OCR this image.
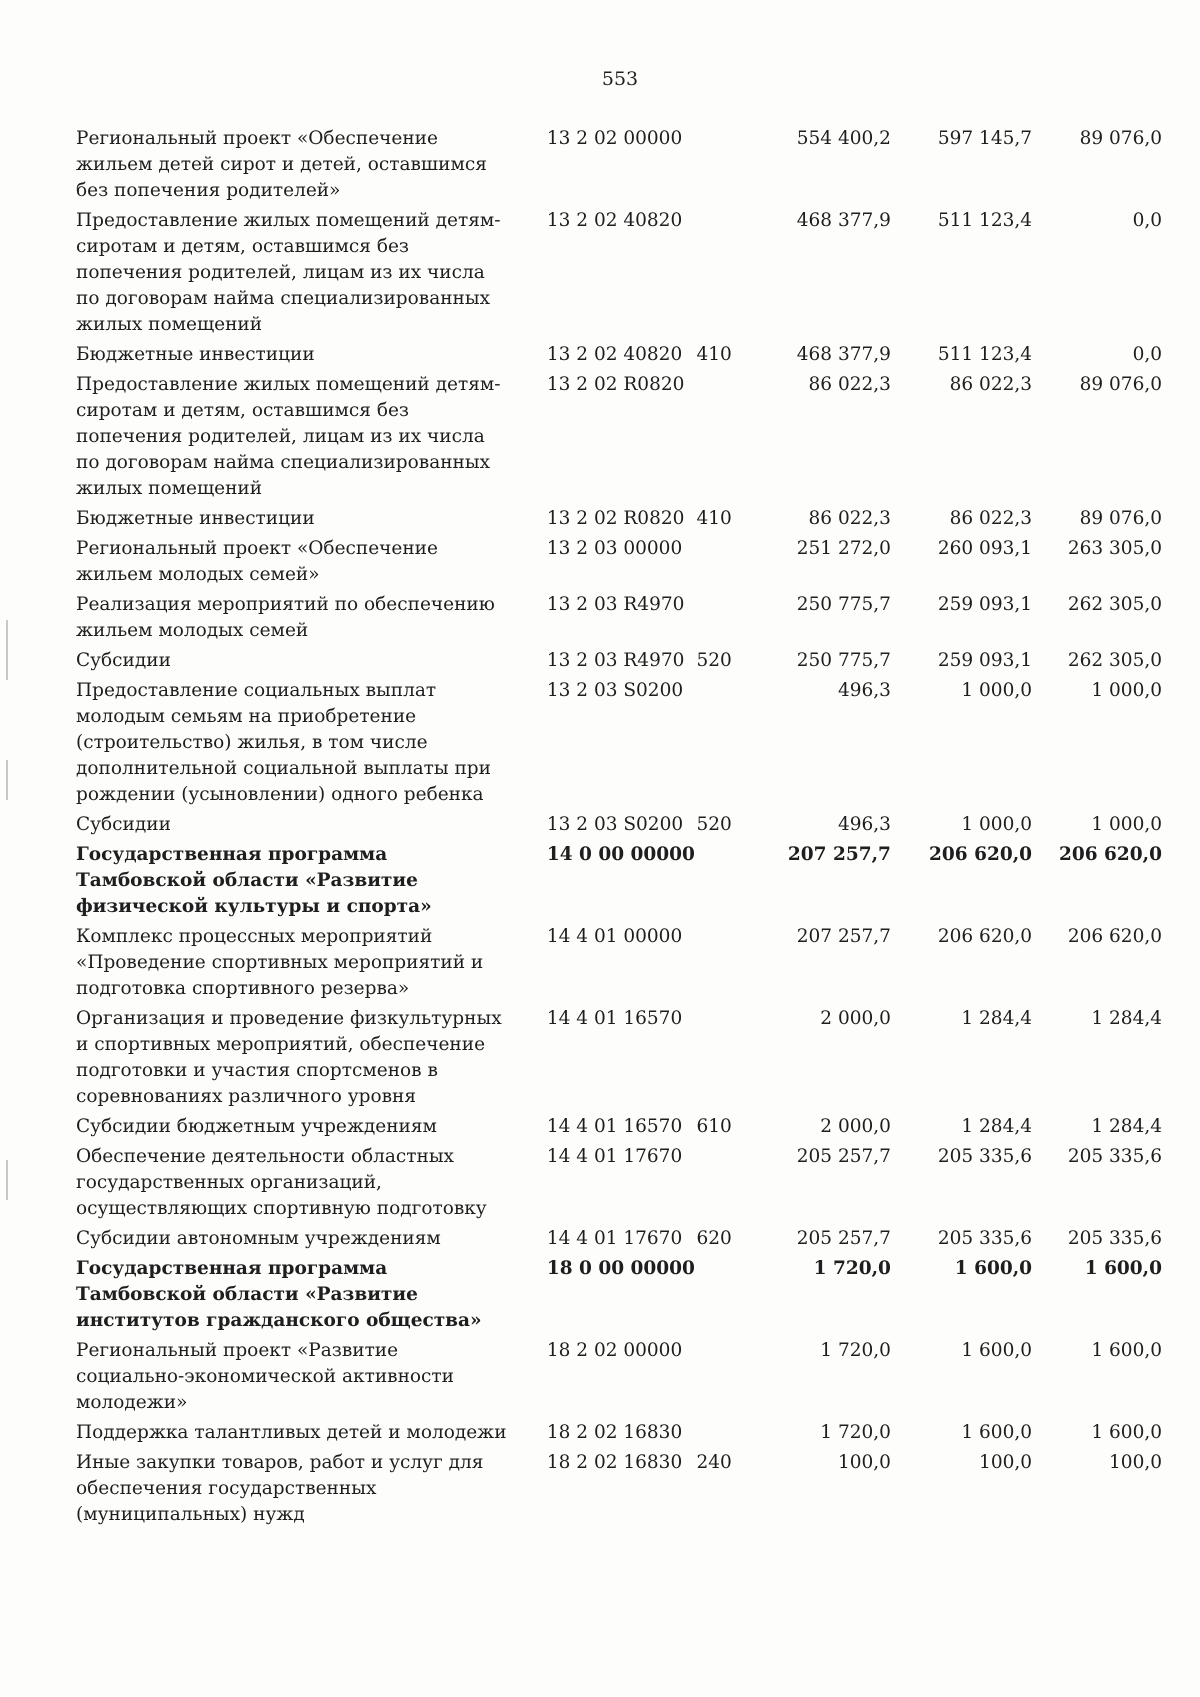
553
Региональный проект «Обеспечение жильем детей сирот и детей, оставшимся без попечения родителей»	13 2 02 00000		554 400,2	597 145,7	89 076,0
Предоставление жилых помещений детям-сиротам и детям, оставшимся без попечения родителей, лицам из их числа по договорам найма специализированных жилых помещений	13 2 02 40820		468 377,9	511 123,4	0,0
Бюджетные инвестиции	13 2 02 40820	410	468 377,9	511 123,4	0,0
Предоставление жилых помещений детям-сиротам и детям, оставшимся без попечения родителей, лицам из их числа по договорам найма специализированных жилых помещений	13 2 02 R0820		86 022,3	86 022,3	89 076,0
Бюджетные инвестиции	13 2 02 R0820	410	86 022,3	86 022,3	89 076,0
Региональный проект «Обеспечение жильем молодых семей»	13 2 03 00000		251 272,0	260 093,1	263 305,0
Реализация мероприятий по обеспечению жильем молодых семей	13 2 03 R4970		250 775,7	259 093,1	262 305,0
Субсидии	13 2 03 R4970	520	250 775,7	259 093,1	262 305,0
Предоставление социальных выплат молодым семьям на приобретение (строительство) жилья, в том числе дополнительной социальной выплаты при рождении (усыновлении) одного ребенка	13 2 03 S0200		496,3	1 000,0	1 000,0
Субсидии	13 2 03 S0200	520	496,3	1 000,0	1 000,0
Государственная программа Тамбовской области «Развитие физической культуры и спорта»	14 0 00 00000		207 257,7	206 620,0	206 620,0
Комплекс процессных мероприятий «Проведение спортивных мероприятий и подготовка спортивного резерва»	14 4 01 00000		207 257,7	206 620,0	206 620,0
Организация и проведение физкультурных и спортивных мероприятий, обеспечение подготовки и участия спортсменов в соревнованиях различного уровня	14 4 01 16570		2 000,0	1 284,4	1 284,4
Субсидии бюджетным учреждениям	14 4 01 16570	610	2 000,0	1 284,4	1 284,4
Обеспечение деятельности областных государственных организаций, осуществляющих спортивную подготовку	14 4 01 17670		205 257,7	205 335,6	205 335,6
Субсидии автономным учреждениям	14 4 01 17670	620	205 257,7	205 335,6	205 335,6
Государственная программа Тамбовской области «Развитие институтов гражданского общества»	18 0 00 00000		1 720,0	1 600,0	1 600,0
Региональный проект «Развитие социально-экономической активности молодежи»	18 2 02 00000		1 720,0	1 600,0	1 600,0
Поддержка талантливых детей и молодежи	18 2 02 16830		1 720,0	1 600,0	1 600,0
Иные закупки товаров, работ и услуг для обеспечения государственных (муниципальных) нужд	18 2 02 16830	240	100,0	100,0	100,0
